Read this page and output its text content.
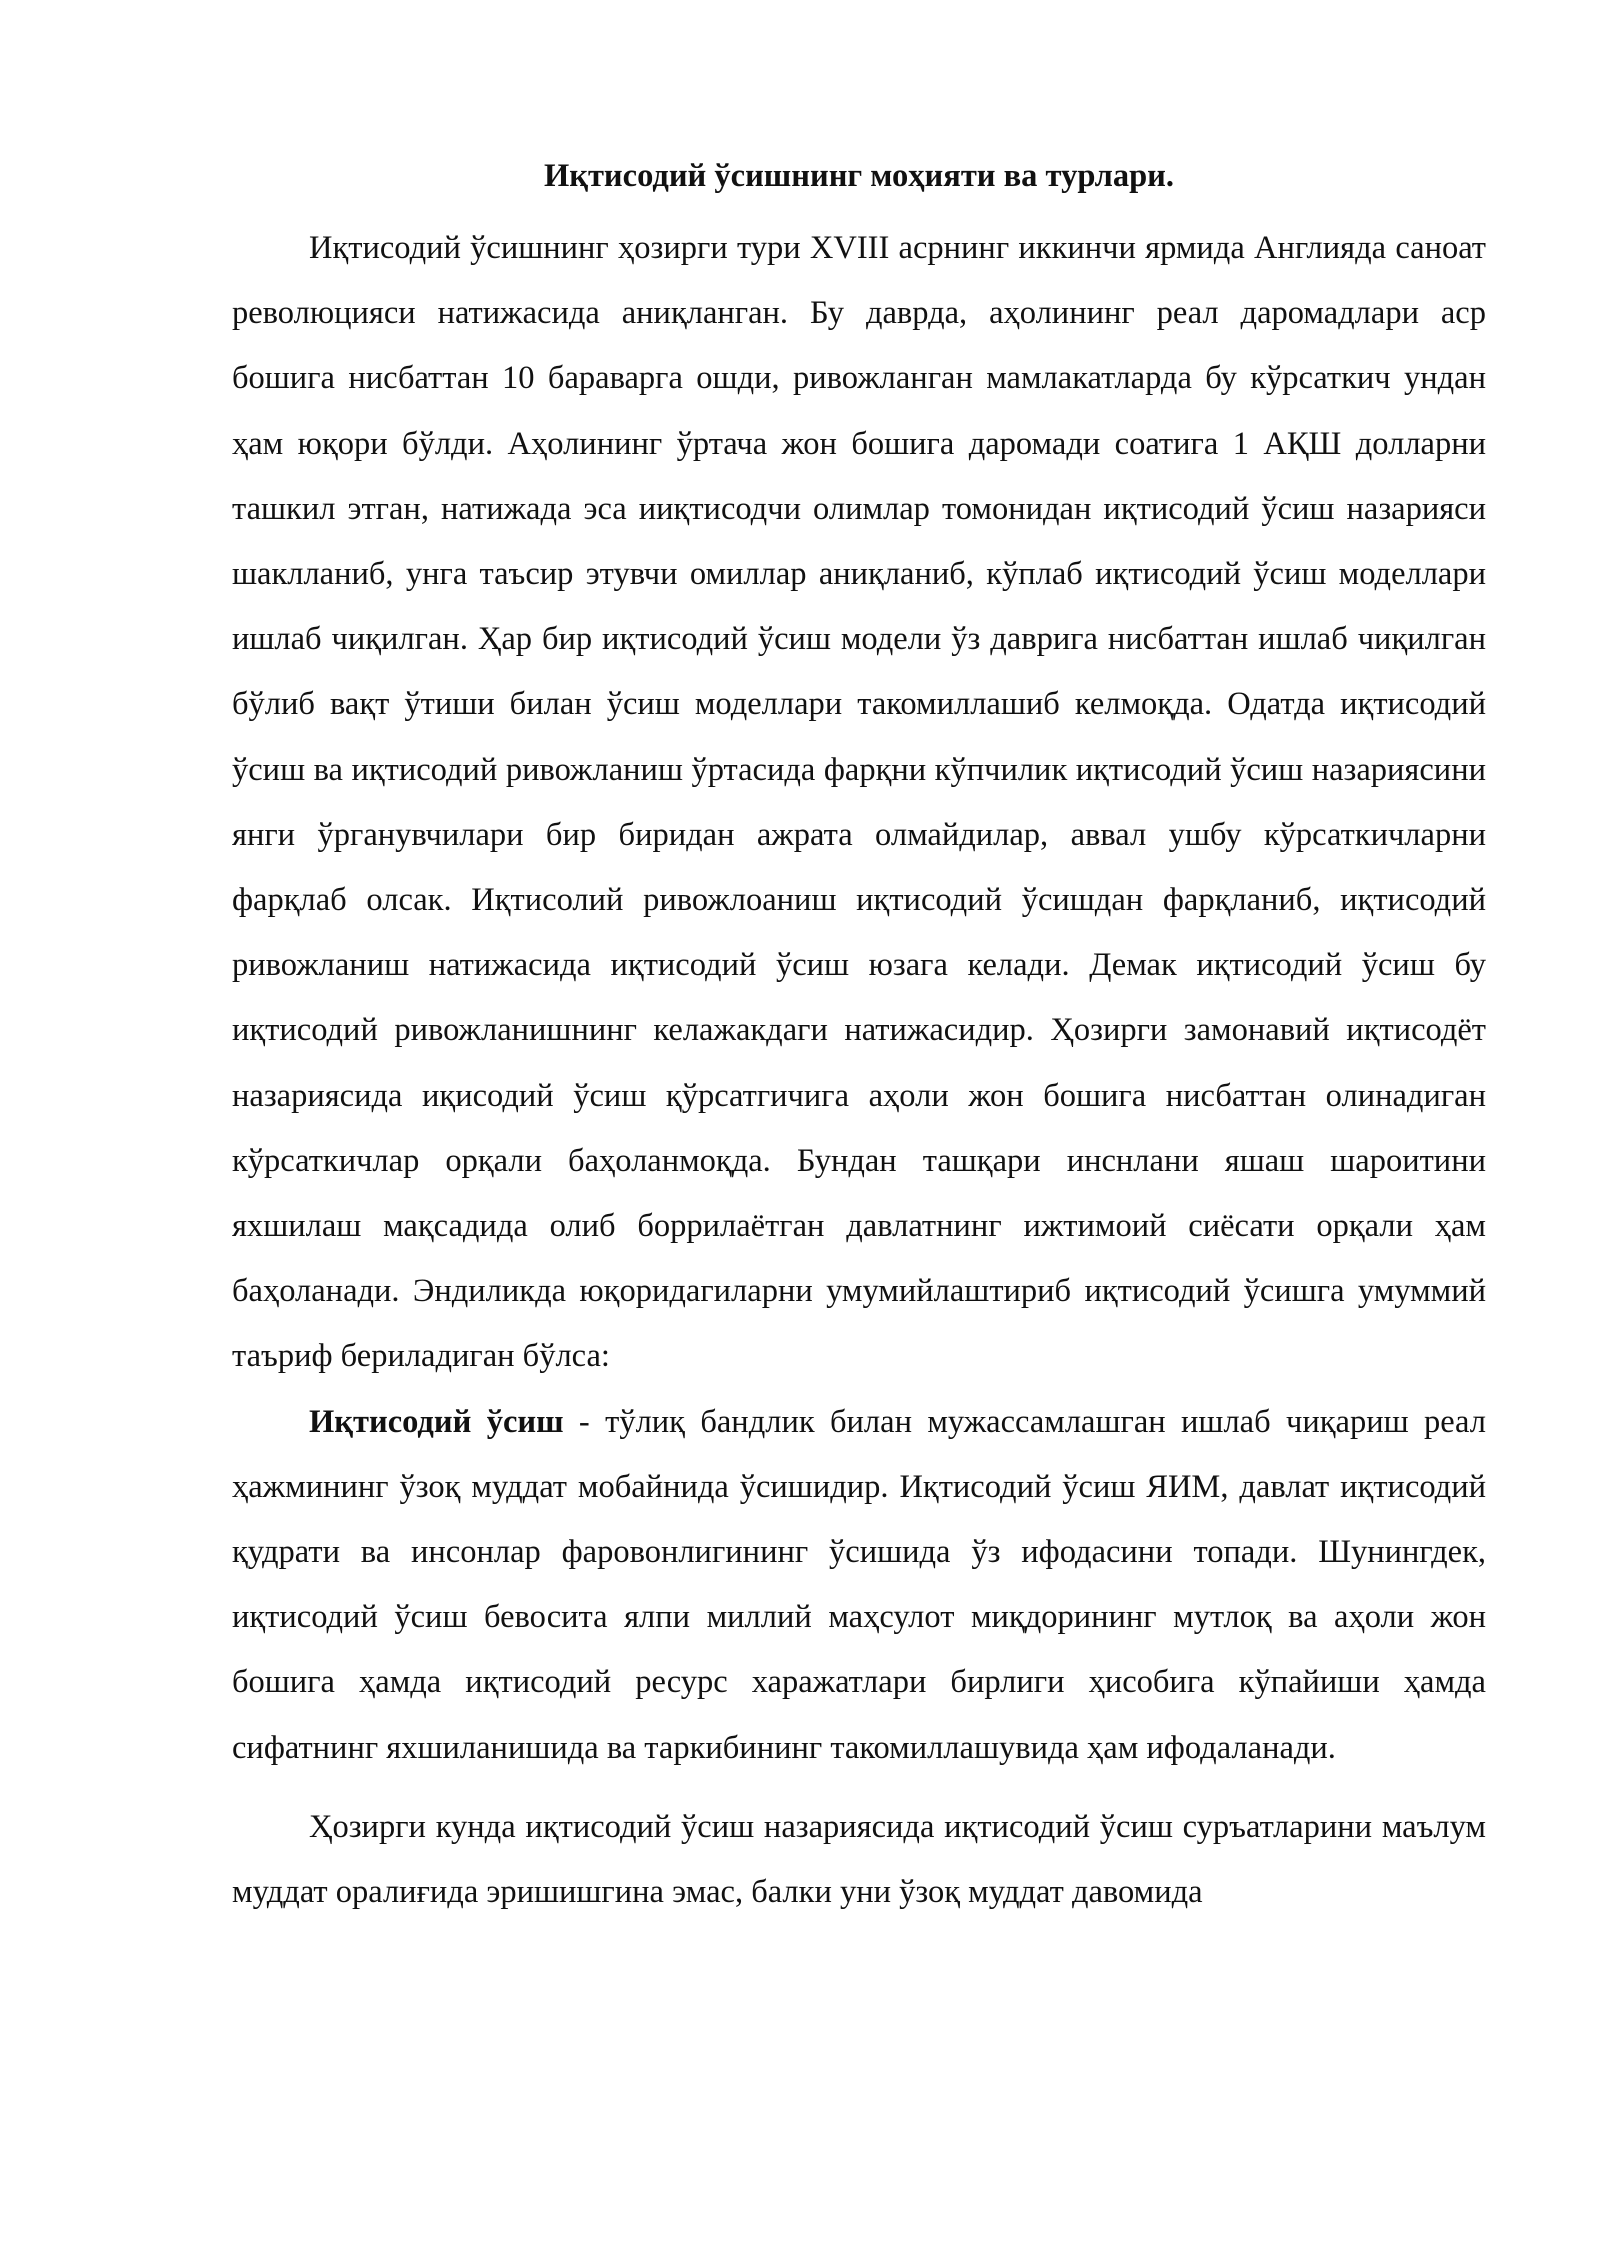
Иқтисодий ўсишнинг моҳияти ва турлари.

Иқтисодий ўсишнинг ҳозирги тури XVIII асрнинг иккинчи ярмида Англияда саноат революцияси натижасида аниқланган. Бу даврда, аҳолининг реал даромадлари аср бошига нисбаттан 10 бараварга ошди, ривожланган мамлакатларда бу кўрсаткич ундан ҳам юқори бўлди. Аҳолининг ўртача жон бошига даромади соатига 1 АҚШ долларни ташкил этган, натижада эса ииқтисодчи олимлар томонидан иқтисодий ўсиш назарияси шаклланиб, унга таъсир этувчи омиллар аниқланиб, кўплаб иқтисодий ўсиш моделлари ишлаб чиқилган. Ҳар бир иқтисодий ўсиш модели ўз даврига нисбаттан ишлаб чиқилган бўлиб вақт ўтиши билан ўсиш моделлари такомиллашиб келмоқда. Одатда иқтисодий ўсиш ва иқтисодий ривожланиш ўртасида фарқни кўпчилик иқтисодий ўсиш назариясини янги ўрганувчилари бир биридан ажрата олмайдилар, аввал ушбу кўрсаткичларни фарқлаб олсак. Иқтисолий ривожлоаниш иқтисодий ўсишдан фарқланиб, иқтисодий ривожланиш натижасида иқтисодий ўсиш юзага келади. Демак иқтисодий ўсиш бу иқтисодий ривожланишнинг келажакдаги натижасидир. Ҳозирги замонавий иқтисодёт назариясида иқисодий ўсиш қўрсатгичига аҳоли жон бошига нисбаттан олинадиган кўрсаткичлар орқали баҳоланмоқда. Бундан ташқари инснлани яшаш шароитини яхшилаш мақсадида олиб боррилаётган давлатнинг ижтимоий сиёсати орқали ҳам баҳоланади. Эндиликда юқоридагиларни умумийлаштириб иқтисодий ўсишга умуммий таъриф бериладиган бўлса:

Иқтисодий ўсиш - тўлиқ бандлик билан мужассамлашган ишлаб чиқариш реал ҳажмининг ўзоқ муддат мобайнида ўсишидир. Иқтисодий ўсиш ЯИМ, давлат иқтисодий қудрати ва инсонлар фаровонлигининг ўсишида ўз ифодасини топади. Шунингдек, иқтисодий ўсиш бевосита ялпи миллий маҳсулот миқдорининг мутлоқ ва аҳоли жон бошига ҳамда иқтисодий ресурс харажатлари бирлиги ҳисобига кўпайиши ҳамда сифатнинг яхшиланишида ва таркибининг такомиллашувида ҳам ифодаланади.

Ҳозирги кунда иқтисодий ўсиш назариясида иқтисодий ўсиш суръатларини маълум муддат оралиғида эришишгина эмас, балки уни ўзоқ муддат давомида
